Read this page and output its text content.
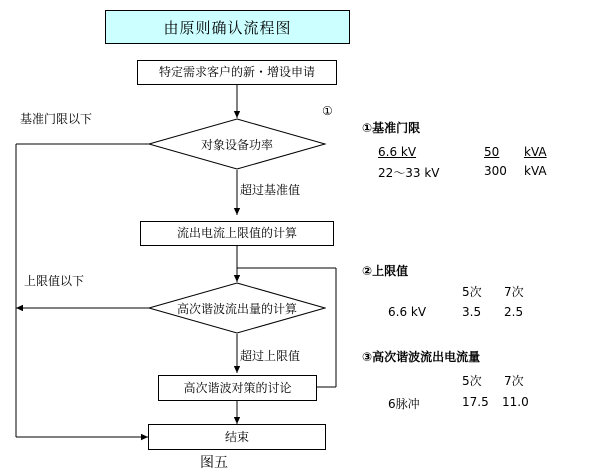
由原则确认流程图
特定需求客户的新・增设申请
对象设备功率
①
流出电流上限值的计算
高次谐波流出量的计算
高次谐波对策的讨论
结束
基准门限以下
超过基准值
上限值以下
超过上限值
①基准门限
6.6 kV	50 kVA
22～33 kV	300 kVA
②上限值
5次 7次
6.6 kV	3.5 2.5
③高次谐波流出电流量
5次 7次
6脉冲	17.5 11.0
图五
